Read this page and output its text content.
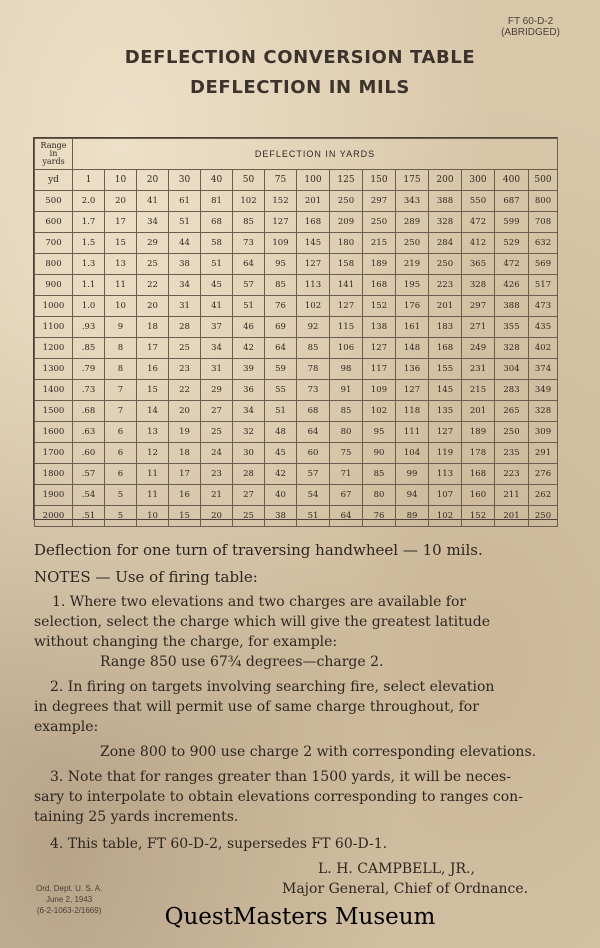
FT 60-D-2
(ABRIDGED)
DEFLECTION CONVERSION TABLE
DEFLECTION IN MILS
Range
in
yards	DEFLECTION IN YARDS														
yd	1	10	20	30	40	50	75	100	125	150	175	200	300	400	500
500	2.0	20	41	61	81	102	152	201	250	297	343	388	550	687	800
600	1.7	17	34	51	68	85	127	168	209	250	289	328	472	599	708
700	1.5	15	29	44	58	73	109	145	180	215	250	284	412	529	632
800	1.3	13	25	38	51	64	95	127	158	189	219	250	365	472	569
900	1.1	11	22	34	45	57	85	113	141	168	195	223	328	426	517
1000	1.0	10	20	31	41	51	76	102	127	152	176	201	297	388	473
1100	.93	9	18	28	37	46	69	92	115	138	161	183	271	355	435
1200	.85	8	17	25	34	42	64	85	106	127	148	168	249	328	402
1300	.79	8	16	23	31	39	59	78	98	117	136	155	231	304	374
1400	.73	7	15	22	29	36	55	73	91	109	127	145	215	283	349
1500	.68	7	14	20	27	34	51	68	85	102	118	135	201	265	328
1600	.63	6	13	19	25	32	48	64	80	95	111	127	189	250	309
1700	.60	6	12	18	24	30	45	60	75	90	104	119	178	235	291
1800	.57	6	11	17	23	28	42	57	71	85	99	113	168	223	276
1900	.54	5	11	16	21	27	40	54	67	80	94	107	160	211	262
2000	.51	5	10	15	20	25	38	51	64	76	89	102	152	201	250
Deflection for one turn of traversing handwheel — 10 mils.
NOTES — Use of firing table:
1. Where two elevations and two charges are available for
selection, select the charge which will give the greatest latitude
without changing the charge, for example:
Range 850 use 67¾ degrees—charge 2.
2. In firing on targets involving searching fire, select elevation
in degrees that will permit use of same charge throughout, for
example:
Zone 800 to 900 use charge 2 with corresponding elevations.
3. Note that for ranges greater than 1500 yards, it will be neces-
sary to interpolate to obtain elevations corresponding to ranges con-
taining 25 yards increments.
4. This table, FT 60-D-2, supersedes FT 60-D-1.
L. H. CAMPBELL, JR.,
Major General, Chief of Ordnance.
Ord. Dept. U. S. A.
June 2, 1943
(6-2-1063-2/1669)	QuestMasters Museum
